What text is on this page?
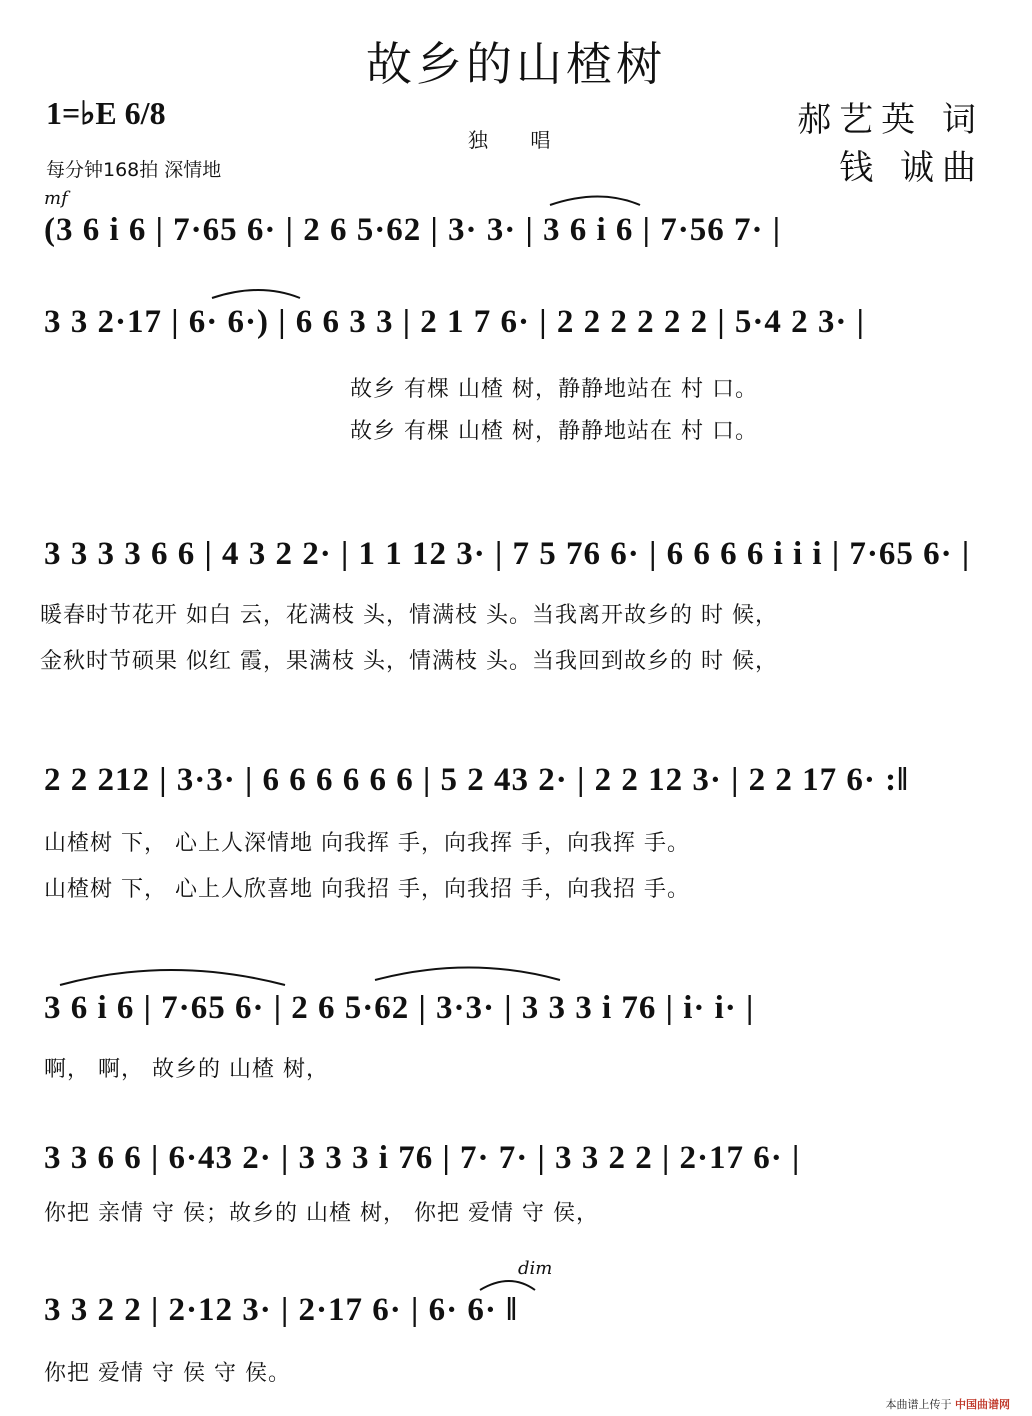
故乡的山楂树
1=♭E 6/8
独 唱
每分钟168拍 深情地
郝艺英 词
钱 诚曲
mf
dim
(3 6 i 6 | 7·65 6· | 2 6 5·62 | 3· 3· | 3 6 i 6 | 7·56 7· |
3 3 2·17 | 6· 6·) | 6 6 3 3 | 2 1 7 6· | 2 2 2 2 2 2 | 5·4 2 3· |
故乡 有棵 山楂 树，静静地站在 村 口。
故乡 有棵 山楂 树，静静地站在 村 口。
3 3 3 3 6 6 | 4 3 2 2· | 1 1 12 3· | 7 5 76 6· | 6 6 6 6 i i i | 7·65 6· |
暖春时节花开 如白 云，花满枝 头，情满枝 头。当我离开故乡的 时 候，
金秋时节硕果 似红 霞，果满枝 头，情满枝 头。当我回到故乡的 时 候，
2 2 212 | 3·3· | 6 6 6 6 6 6 | 5 2 43 2· | 2 2 12 3· | 2 2 17 6· :‖
山楂树 下， 心上人深情地 向我挥 手，向我挥 手，向我挥 手。
山楂树 下， 心上人欣喜地 向我招 手，向我招 手，向我招 手。
3 6 i 6 | 7·65 6· | 2 6 5·62 | 3·3· | 3 3 3 i 76 | i· i· |
啊， 啊， 故乡的 山楂 树，
3 3 6 6 | 6·43 2· | 3 3 3 i 76 | 7· 7· | 3 3 2 2 | 2·17 6· |
你把 亲情 守 侯；故乡的 山楂 树， 你把 爱情 守 侯，
3 3 2 2 | 2·12 3· | 2·17 6· | 6· 6· ‖
你把 爱情 守 侯 守 侯。
本曲谱上传于 中国曲谱网
